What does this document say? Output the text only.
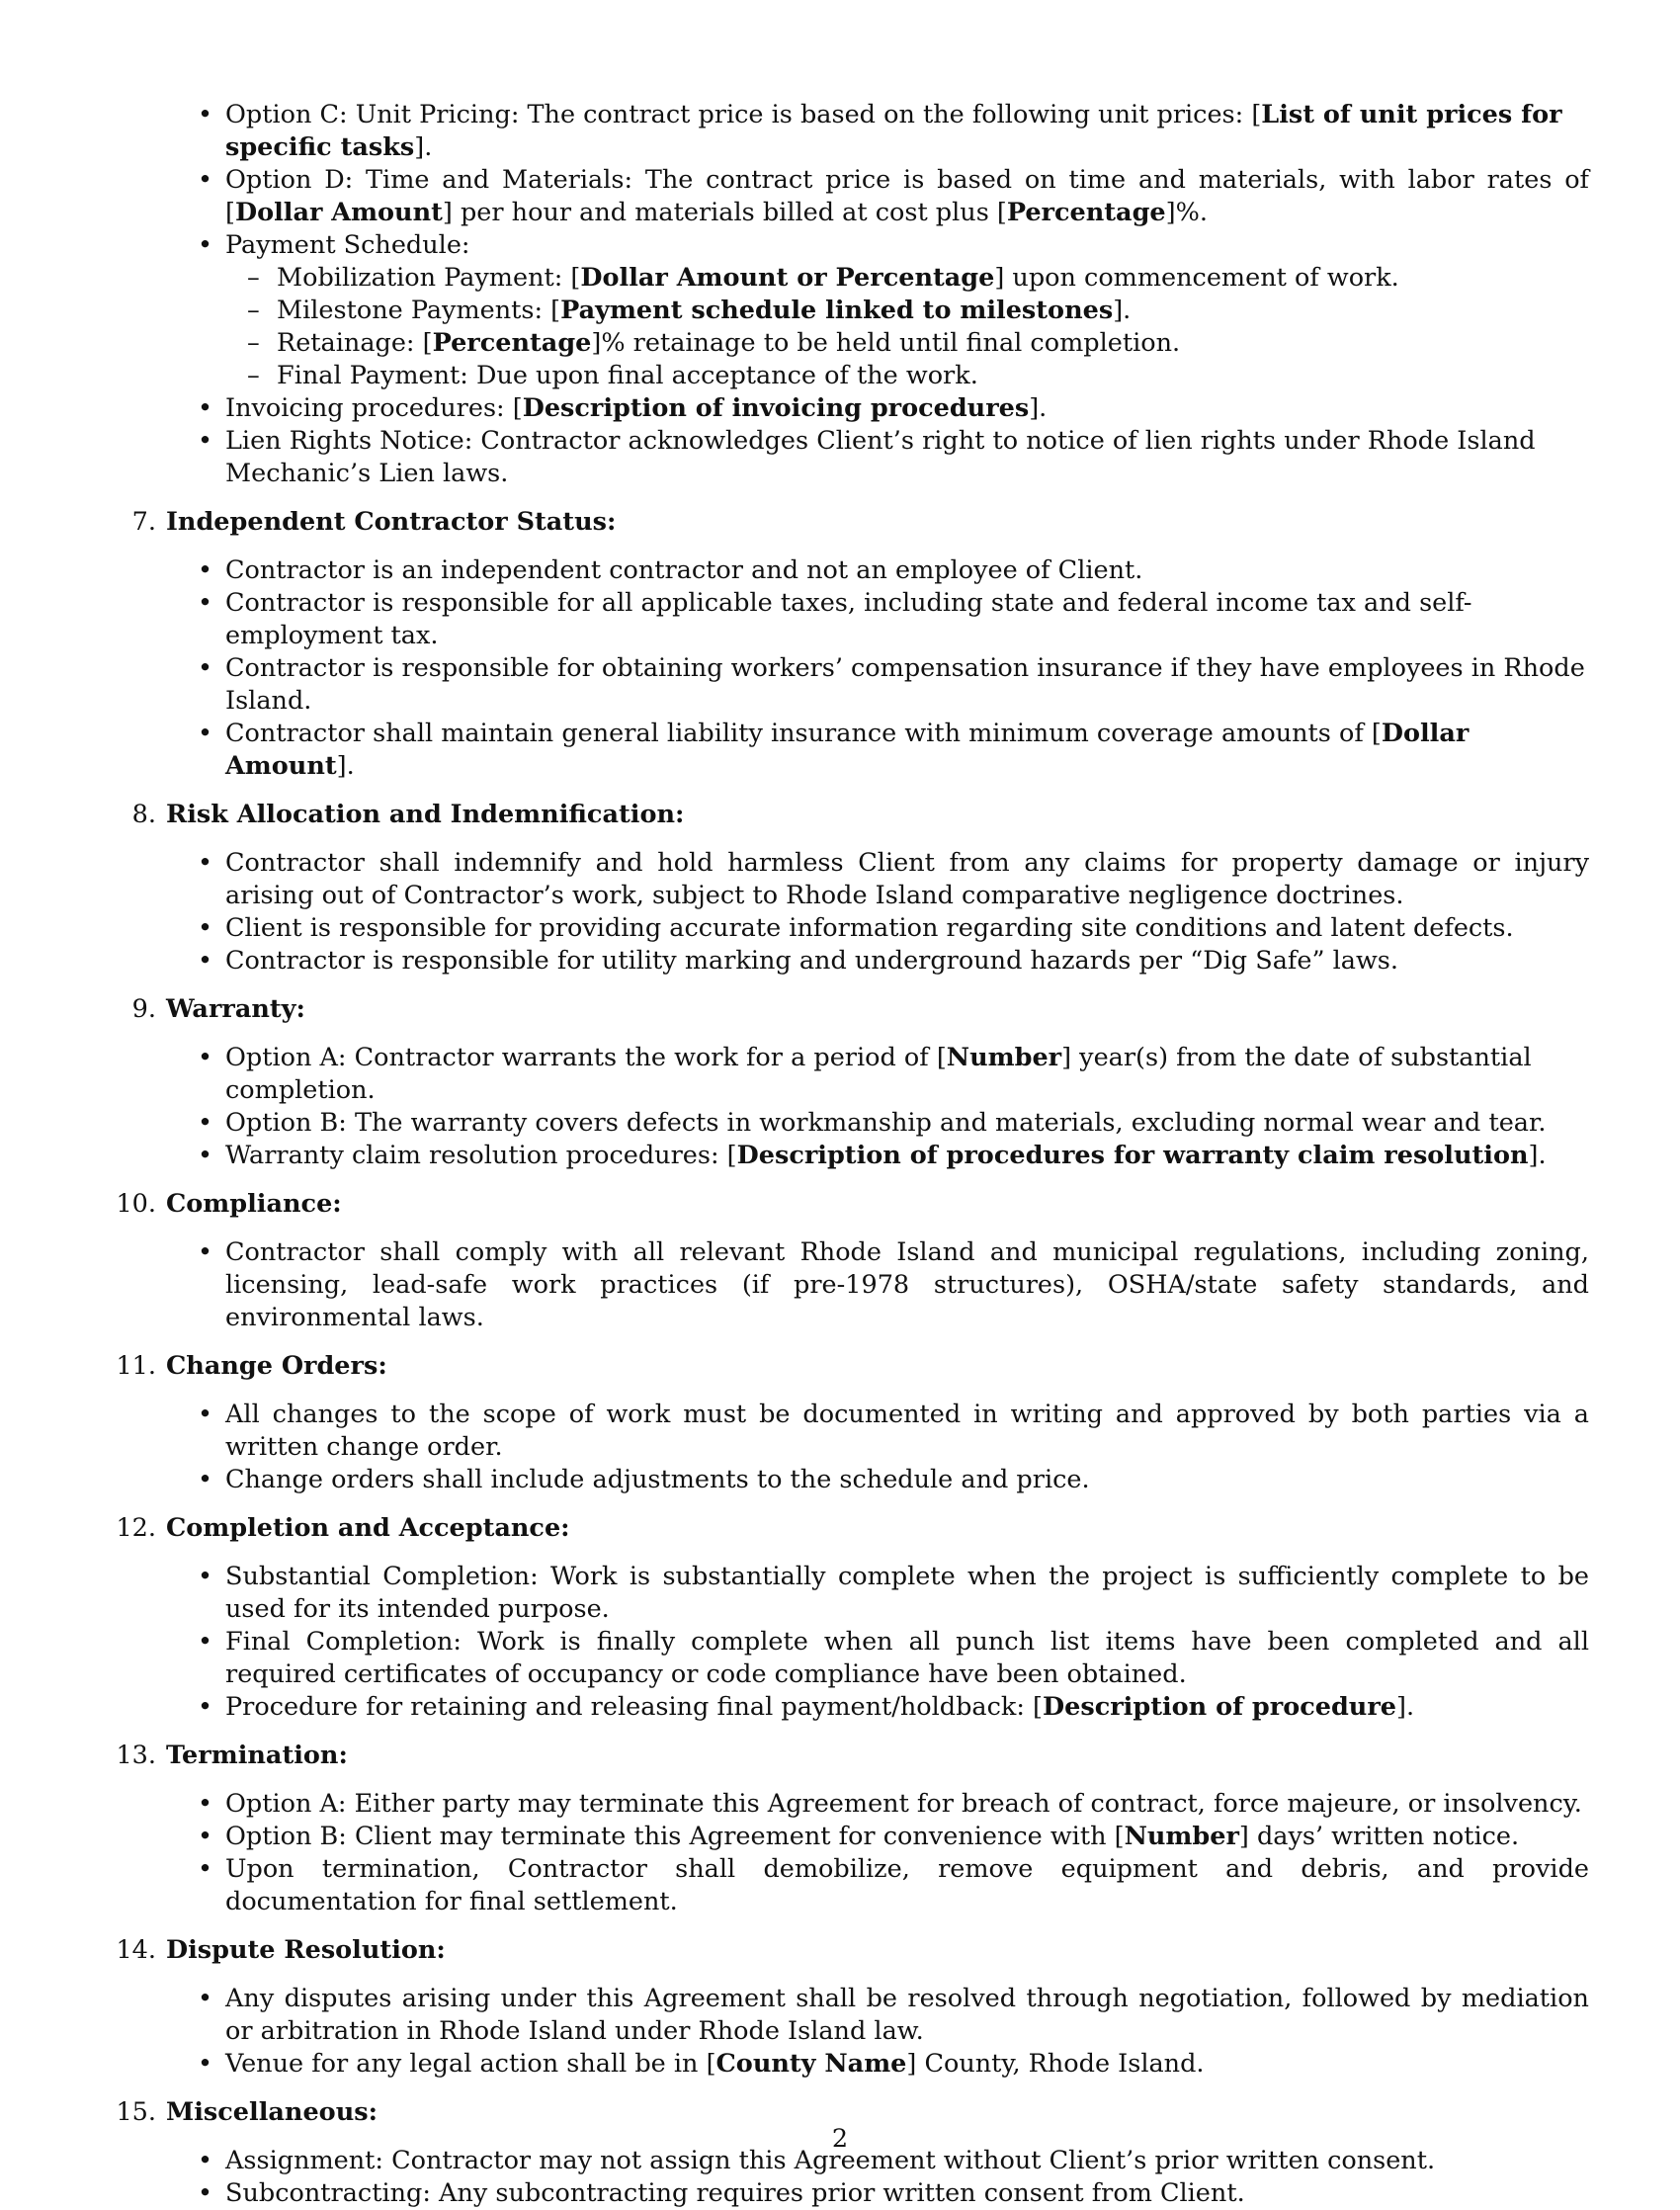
• Option C: Unit Pricing: The contract price is based on the following unit prices: [List of unit prices for specific tasks].
• Option D: Time and Materials: The contract price is based on time and materials, with labor rates of [Dollar Amount] per hour and materials billed at cost plus [Percentage]%.
• Payment Schedule:
– Mobilization Payment: [Dollar Amount or Percentage] upon commencement of work.
– Milestone Payments: [Payment schedule linked to milestones].
– Retainage: [Percentage]% retainage to be held until final completion.
– Final Payment: Due upon final acceptance of the work.
• Invoicing procedures: [Description of invoicing procedures].
• Lien Rights Notice: Contractor acknowledges Client’s right to notice of lien rights under Rhode Island Mechanic’s Lien laws.
7. Independent Contractor Status:
• Contractor is an independent contractor and not an employee of Client.
• Contractor is responsible for all applicable taxes, including state and federal income tax and self-employment tax.
• Contractor is responsible for obtaining workers’ compensation insurance if they have employees in Rhode Island.
• Contractor shall maintain general liability insurance with minimum coverage amounts of [Dollar Amount].
8. Risk Allocation and Indemnification:
• Contractor shall indemnify and hold harmless Client from any claims for property damage or injury arising out of Contractor’s work, subject to Rhode Island comparative negligence doctrines.
• Client is responsible for providing accurate information regarding site conditions and latent defects.
• Contractor is responsible for utility marking and underground hazards per “Dig Safe” laws.
9. Warranty:
• Option A: Contractor warrants the work for a period of [Number] year(s) from the date of substantial completion.
• Option B: The warranty covers defects in workmanship and materials, excluding normal wear and tear.
• Warranty claim resolution procedures: [Description of procedures for warranty claim resolution].
10. Compliance:
• Contractor shall comply with all relevant Rhode Island and municipal regulations, including zoning, licensing, lead-safe work practices (if pre-1978 structures), OSHA/state safety standards, and environmental laws.
11. Change Orders:
• All changes to the scope of work must be documented in writing and approved by both parties via a written change order.
• Change orders shall include adjustments to the schedule and price.
12. Completion and Acceptance:
• Substantial Completion: Work is substantially complete when the project is sufficiently complete to be used for its intended purpose.
• Final Completion: Work is finally complete when all punch list items have been completed and all required certificates of occupancy or code compliance have been obtained.
• Procedure for retaining and releasing final payment/holdback: [Description of procedure].
13. Termination:
• Option A: Either party may terminate this Agreement for breach of contract, force majeure, or insolvency.
• Option B: Client may terminate this Agreement for convenience with [Number] days’ written notice.
• Upon termination, Contractor shall demobilize, remove equipment and debris, and provide documentation for final settlement.
14. Dispute Resolution:
• Any disputes arising under this Agreement shall be resolved through negotiation, followed by mediation or arbitration in Rhode Island under Rhode Island law.
• Venue for any legal action shall be in [County Name] County, Rhode Island.
15. Miscellaneous:
• Assignment: Contractor may not assign this Agreement without Client’s prior written consent.
• Subcontracting: Any subcontracting requires prior written consent from Client.
2
